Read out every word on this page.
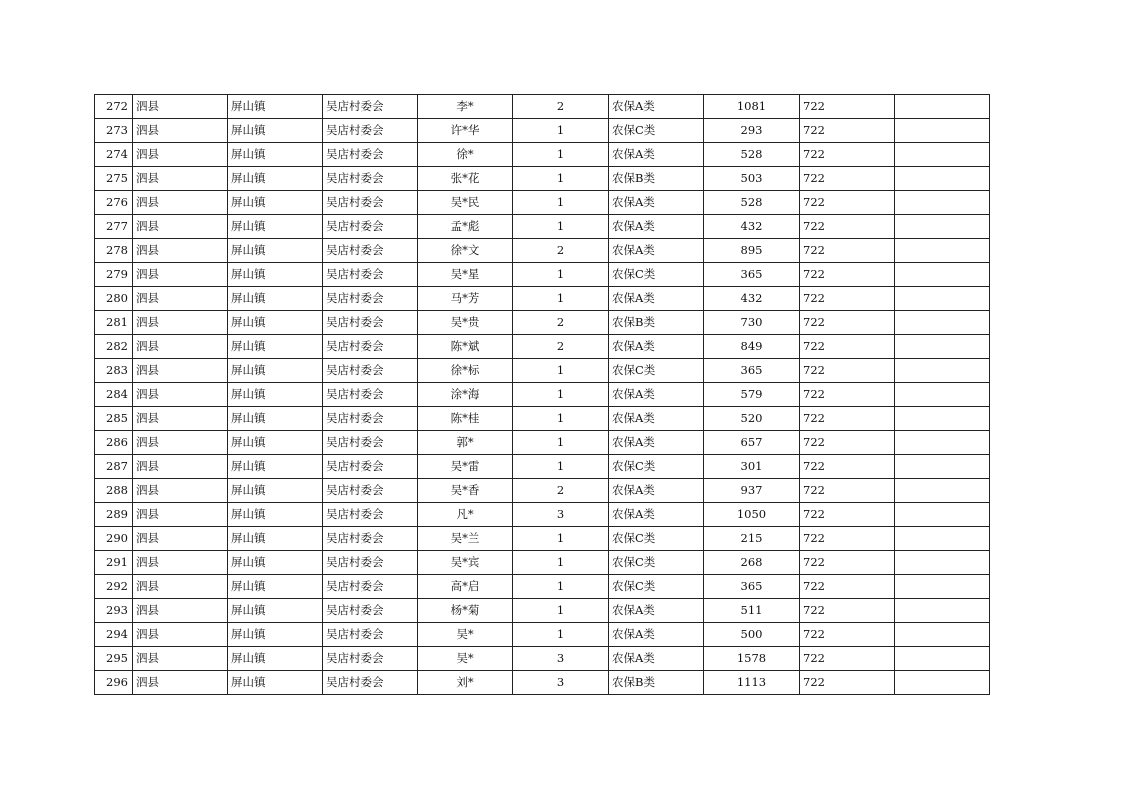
272	泗县	屏山镇	吴店村委会	李*	2	农保A类	1081	722	
273	泗县	屏山镇	吴店村委会	许*华	1	农保C类	293	722	
274	泗县	屏山镇	吴店村委会	徐*	1	农保A类	528	722	
275	泗县	屏山镇	吴店村委会	张*花	1	农保B类	503	722	
276	泗县	屏山镇	吴店村委会	吴*民	1	农保A类	528	722	
277	泗县	屏山镇	吴店村委会	孟*彪	1	农保A类	432	722	
278	泗县	屏山镇	吴店村委会	徐*文	2	农保A类	895	722	
279	泗县	屏山镇	吴店村委会	吴*星	1	农保C类	365	722	
280	泗县	屏山镇	吴店村委会	马*芳	1	农保A类	432	722	
281	泗县	屏山镇	吴店村委会	吴*贵	2	农保B类	730	722	
282	泗县	屏山镇	吴店村委会	陈*斌	2	农保A类	849	722	
283	泗县	屏山镇	吴店村委会	徐*标	1	农保C类	365	722	
284	泗县	屏山镇	吴店村委会	涂*海	1	农保A类	579	722	
285	泗县	屏山镇	吴店村委会	陈*桂	1	农保A类	520	722	
286	泗县	屏山镇	吴店村委会	郭*	1	农保A类	657	722	
287	泗县	屏山镇	吴店村委会	吴*雷	1	农保C类	301	722	
288	泗县	屏山镇	吴店村委会	吴*香	2	农保A类	937	722	
289	泗县	屏山镇	吴店村委会	凡*	3	农保A类	1050	722	
290	泗县	屏山镇	吴店村委会	吴*兰	1	农保C类	215	722	
291	泗县	屏山镇	吴店村委会	吴*宾	1	农保C类	268	722	
292	泗县	屏山镇	吴店村委会	高*启	1	农保C类	365	722	
293	泗县	屏山镇	吴店村委会	杨*菊	1	农保A类	511	722	
294	泗县	屏山镇	吴店村委会	吴*	1	农保A类	500	722	
295	泗县	屏山镇	吴店村委会	吴*	3	农保A类	1578	722	
296	泗县	屏山镇	吴店村委会	刘*	3	农保B类	1113	722	
